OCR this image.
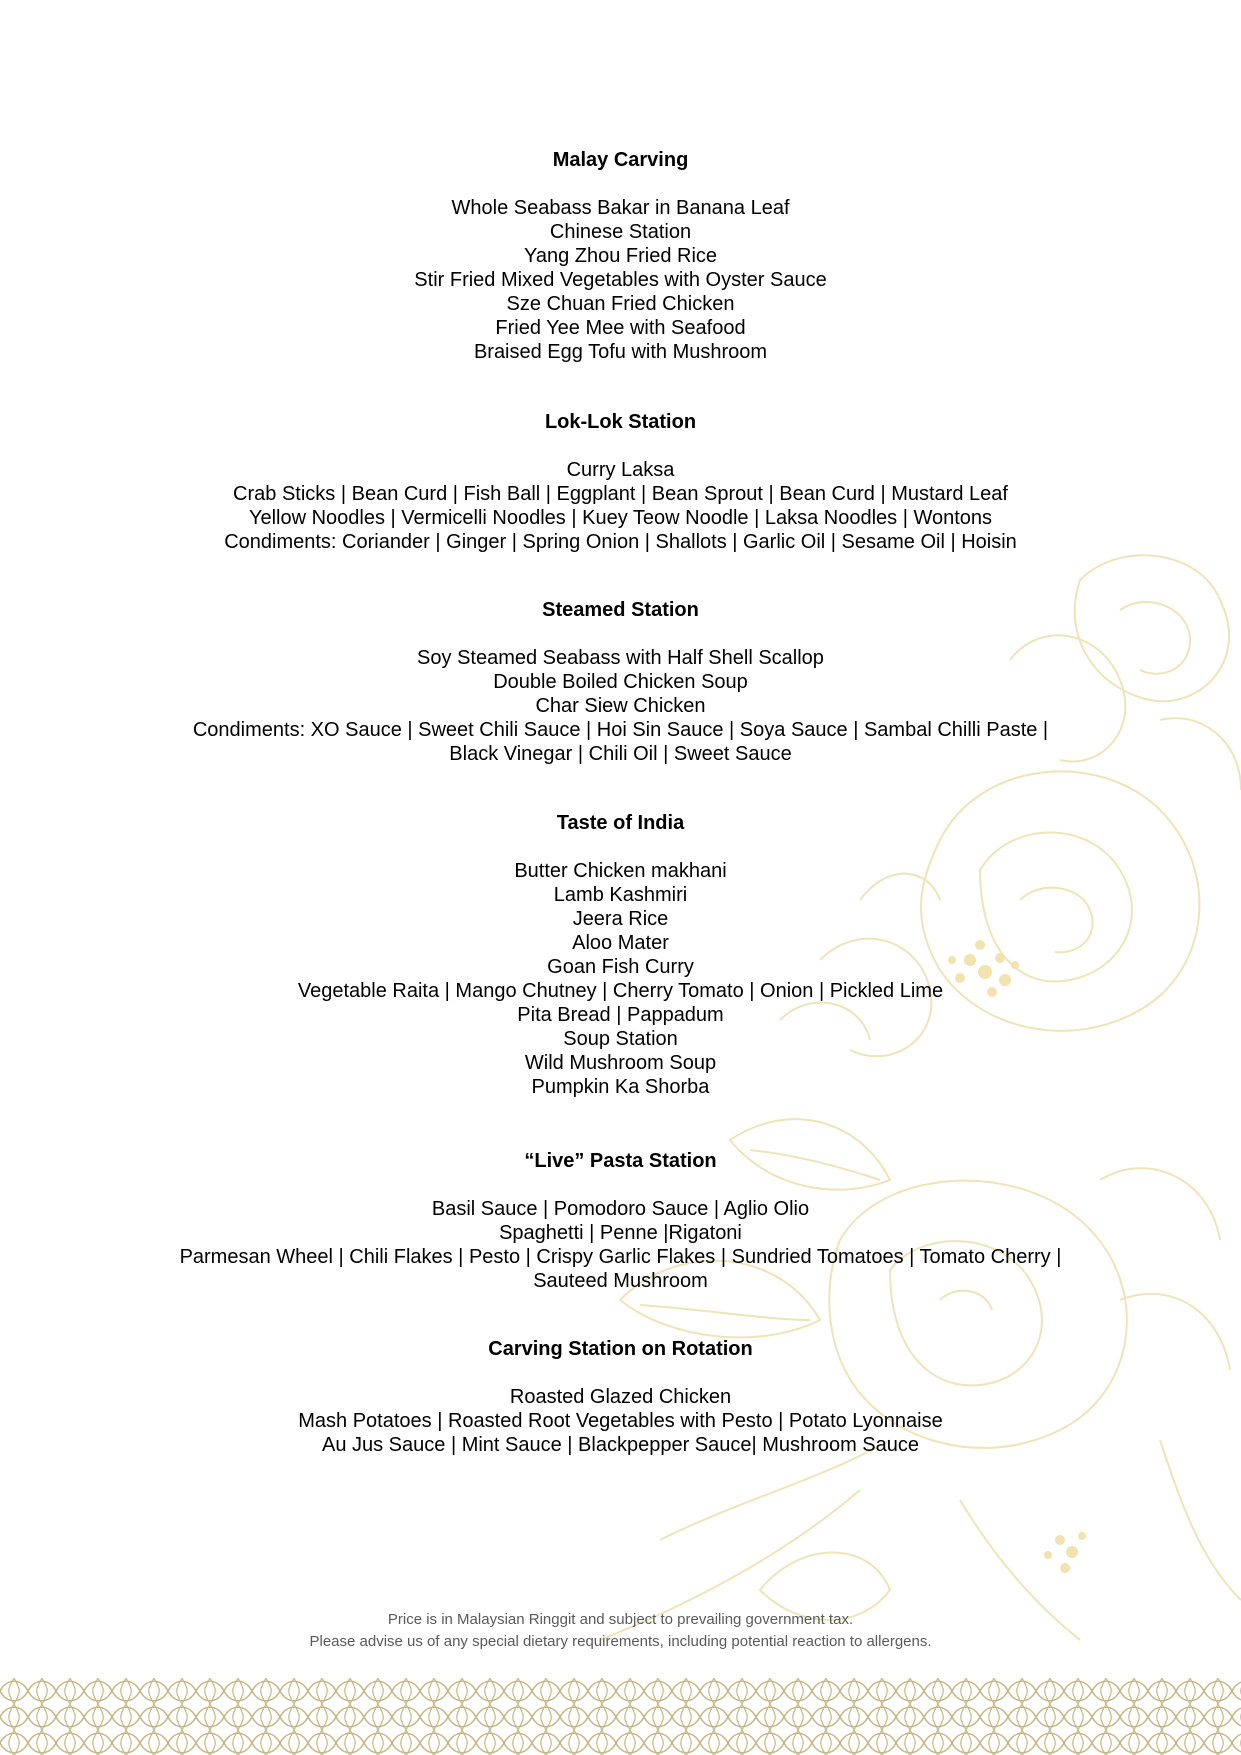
Malay Carving
Whole Seabass Bakar in Banana Leaf
Chinese Station
Yang Zhou Fried Rice
Stir Fried Mixed Vegetables with Oyster Sauce
Sze Chuan Fried Chicken
Fried Yee Mee with Seafood
Braised Egg Tofu with Mushroom
Lok-Lok Station
Curry Laksa
Crab Sticks | Bean Curd | Fish Ball | Eggplant | Bean Sprout | Bean Curd | Mustard Leaf
Yellow Noodles | Vermicelli Noodles | Kuey Teow Noodle | Laksa Noodles | Wontons
Condiments: Coriander | Ginger | Spring Onion | Shallots | Garlic Oil | Sesame Oil | Hoisin
Steamed Station
Soy Steamed Seabass with Half Shell Scallop
Double Boiled Chicken Soup
Char Siew Chicken
Condiments: XO Sauce | Sweet Chili Sauce | Hoi Sin Sauce | Soya Sauce | Sambal Chilli Paste |
Black Vinegar | Chili Oil | Sweet Sauce
Taste of India
Butter Chicken makhani
Lamb Kashmiri
Jeera Rice
Aloo Mater
Goan Fish Curry
Vegetable Raita | Mango Chutney | Cherry Tomato | Onion | Pickled Lime
Pita Bread | Pappadum
Soup Station
Wild Mushroom Soup
Pumpkin Ka Shorba
“Live” Pasta Station
Basil Sauce | Pomodoro Sauce | Aglio Olio
Spaghetti | Penne |Rigatoni
Parmesan Wheel | Chili Flakes | Pesto | Crispy Garlic Flakes | Sundried Tomatoes | Tomato Cherry |
Sauteed Mushroom
Carving Station on Rotation
Roasted Glazed Chicken
Mash Potatoes | Roasted Root Vegetables with Pesto | Potato Lyonnaise
Au Jus Sauce | Mint Sauce | Blackpepper Sauce| Mushroom Sauce
Price is in Malaysian Ringgit and subject to prevailing government tax.
Please advise us of any special dietary requirements, including potential reaction to allergens.
